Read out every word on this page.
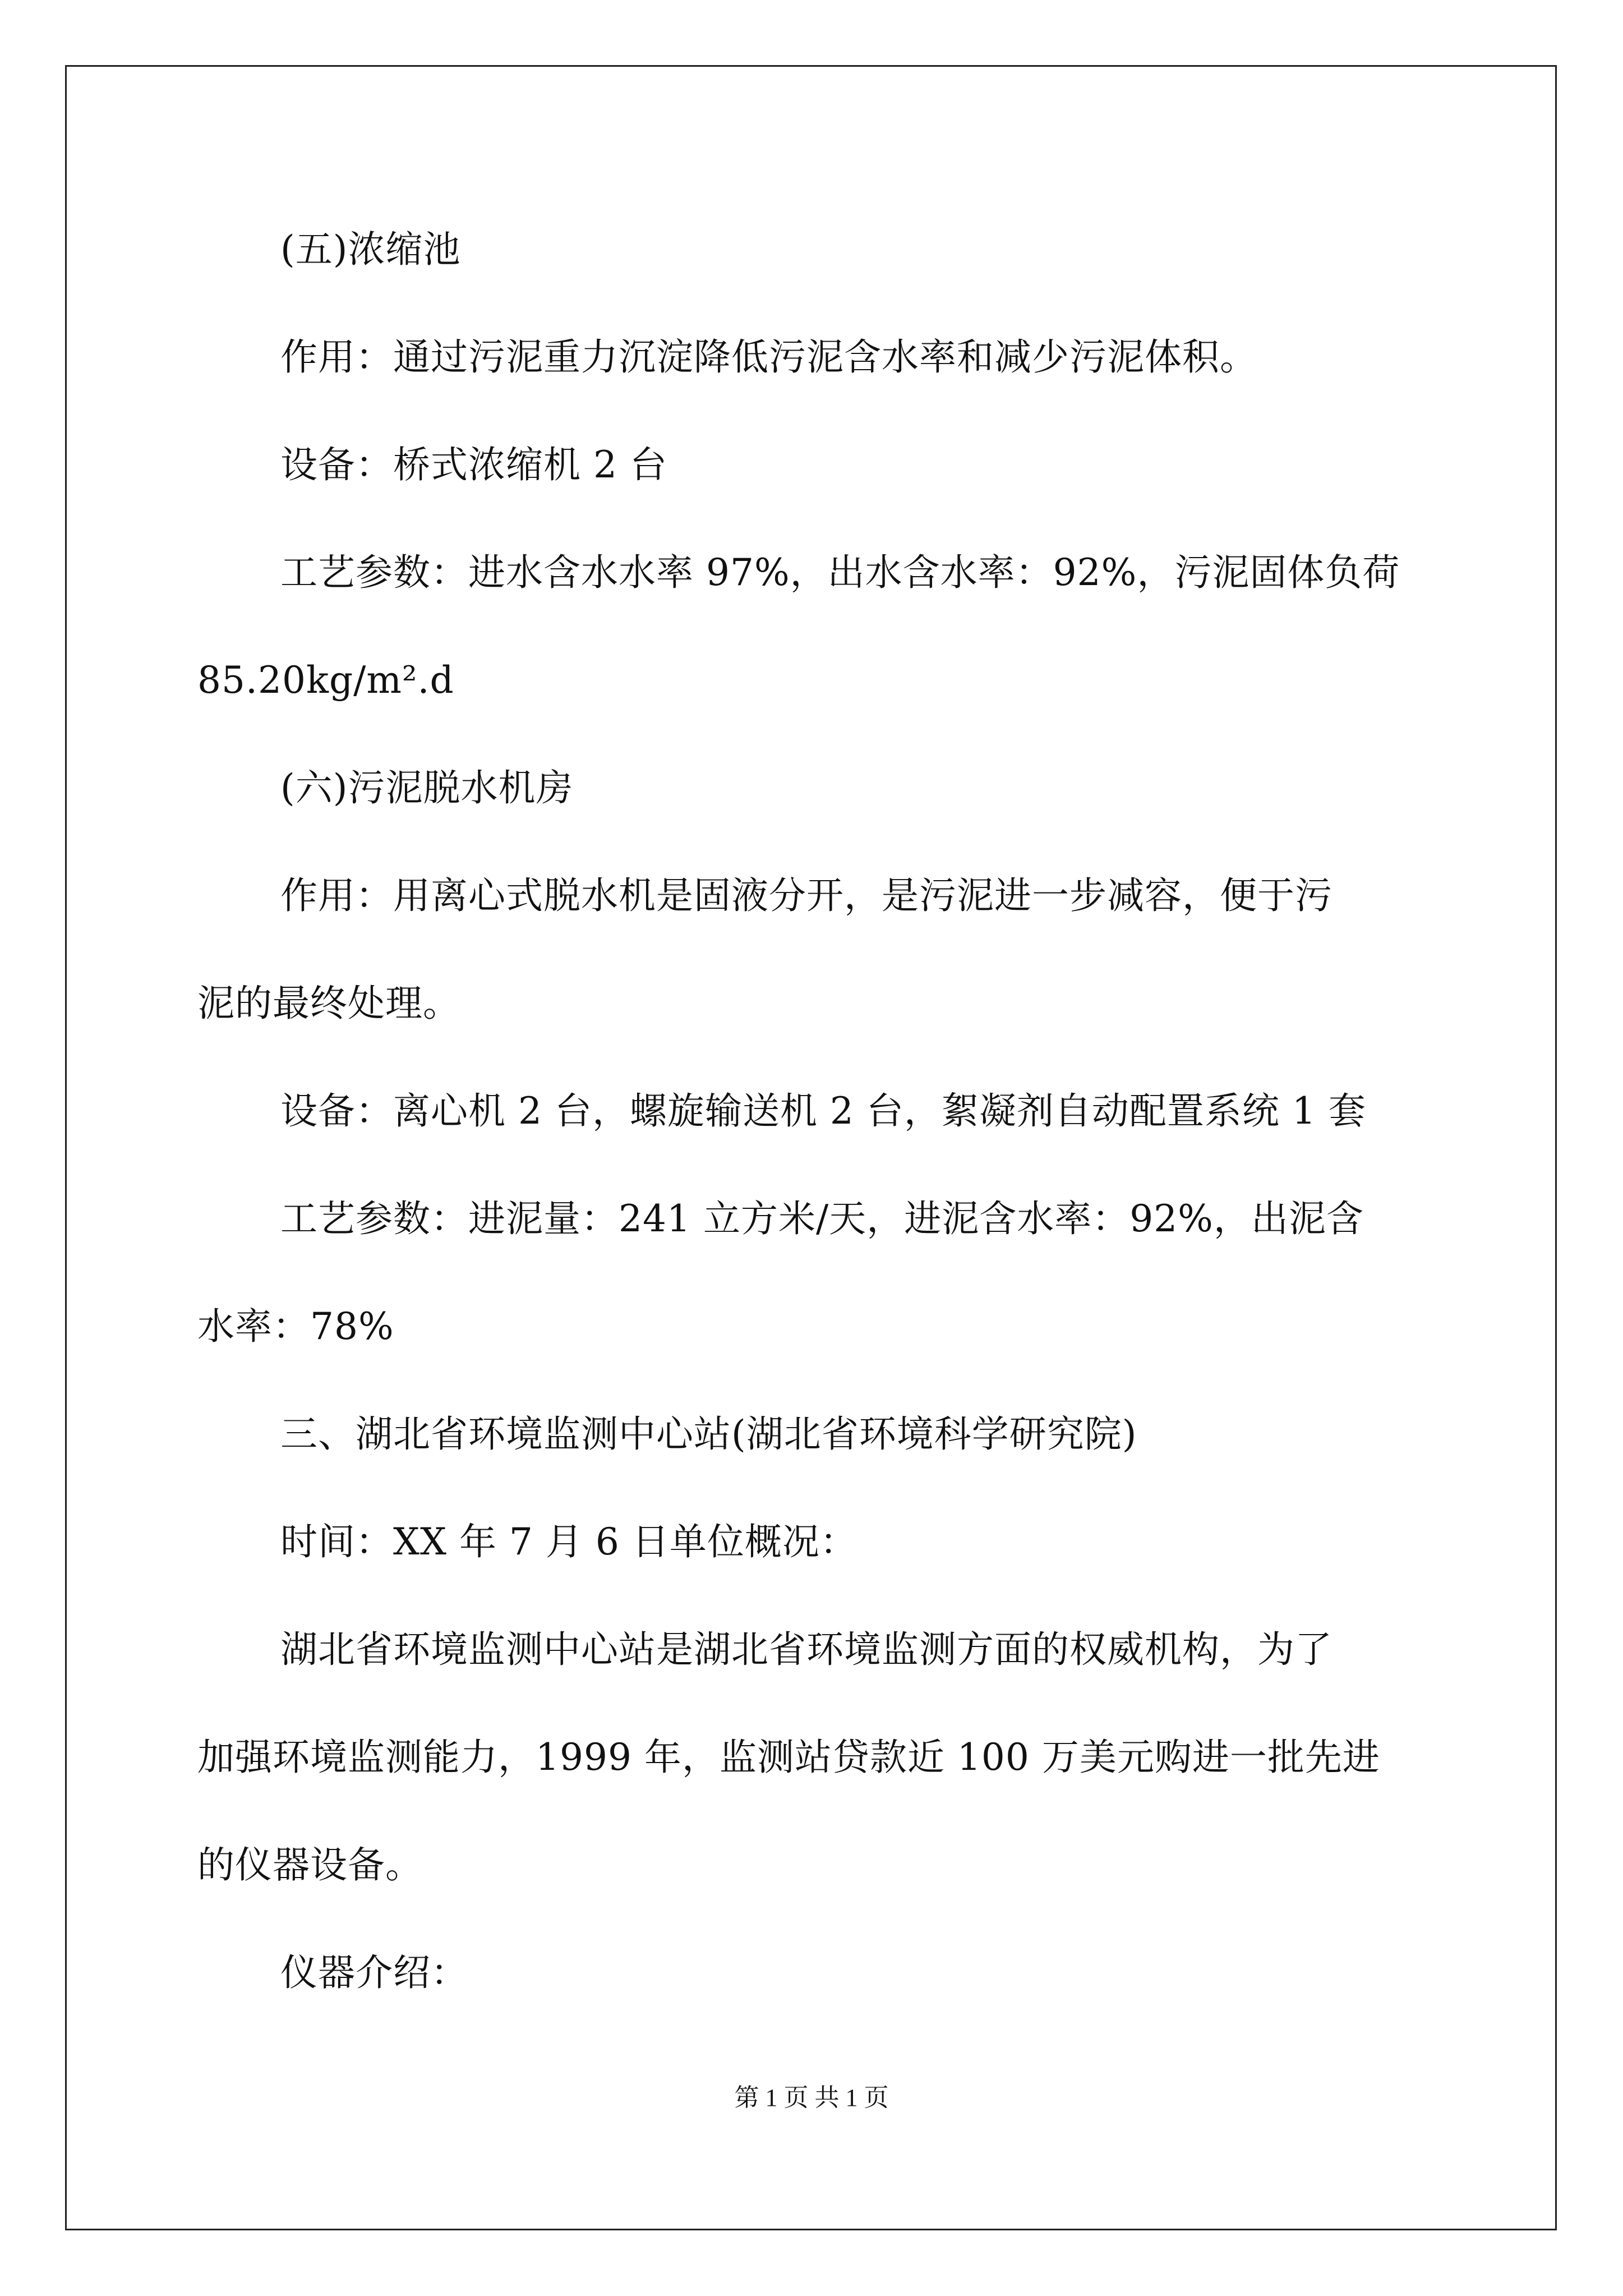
(五)浓缩池
作用：通过污泥重力沉淀降低污泥含水率和减少污泥体积。
设备：桥式浓缩机 2 台
工艺参数：进水含水水率 97%，出水含水率：92%，污泥固体负荷
85.20kg/m².d
(六)污泥脱水机房
作用：用离心式脱水机是固液分开，是污泥进一步减容，便于污
泥的最终处理。
设备：离心机 2 台，螺旋输送机 2 台，絮凝剂自动配置系统 1 套
工艺参数：进泥量：241 立方米/天，进泥含水率：92%，出泥含
水率：78%
三、湖北省环境监测中心站(湖北省环境科学研究院)
时间：XX 年 7 月 6 日单位概况：
湖北省环境监测中心站是湖北省环境监测方面的权威机构，为了
加强环境监测能力，1999 年，监测站贷款近 100 万美元购进一批先进
的仪器设备。
仪器介绍：
第 1 页 共 1 页
